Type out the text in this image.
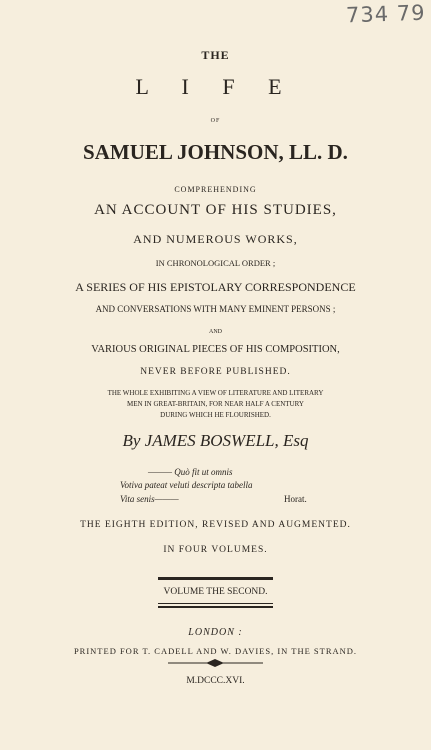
734 79
THE
L I F E
OF
SAMUEL JOHNSON, LL. D.
COMPREHENDING
AN ACCOUNT OF HIS STUDIES,
AND NUMEROUS WORKS,
IN CHRONOLOGICAL ORDER ;
A SERIES OF HIS EPISTOLARY CORRESPONDENCE
AND CONVERSATIONS WITH MANY EMINENT PERSONS ;
AND
VARIOUS ORIGINAL PIECES OF HIS COMPOSITION,
NEVER BEFORE PUBLISHED.
THE WHOLE EXHIBITING A VIEW OF LITERATURE AND LITERARY
MEN IN GREAT-BRITAIN, FOR NEAR HALF A CENTURY
DURING WHICH HE FLOURISHED.
By JAMES BOSWELL, Esq
——— Quò fit ut omnis
Votiva pateat veluti descripta tabella
Vita senis———	Horat.
THE EIGHTH EDITION, REVISED AND AUGMENTED.
IN FOUR VOLUMES.
VOLUME THE SECOND.
LONDON :
PRINTED FOR T. CADELL AND W. DAVIES, IN THE STRAND.
M.DCCC.XVI.
